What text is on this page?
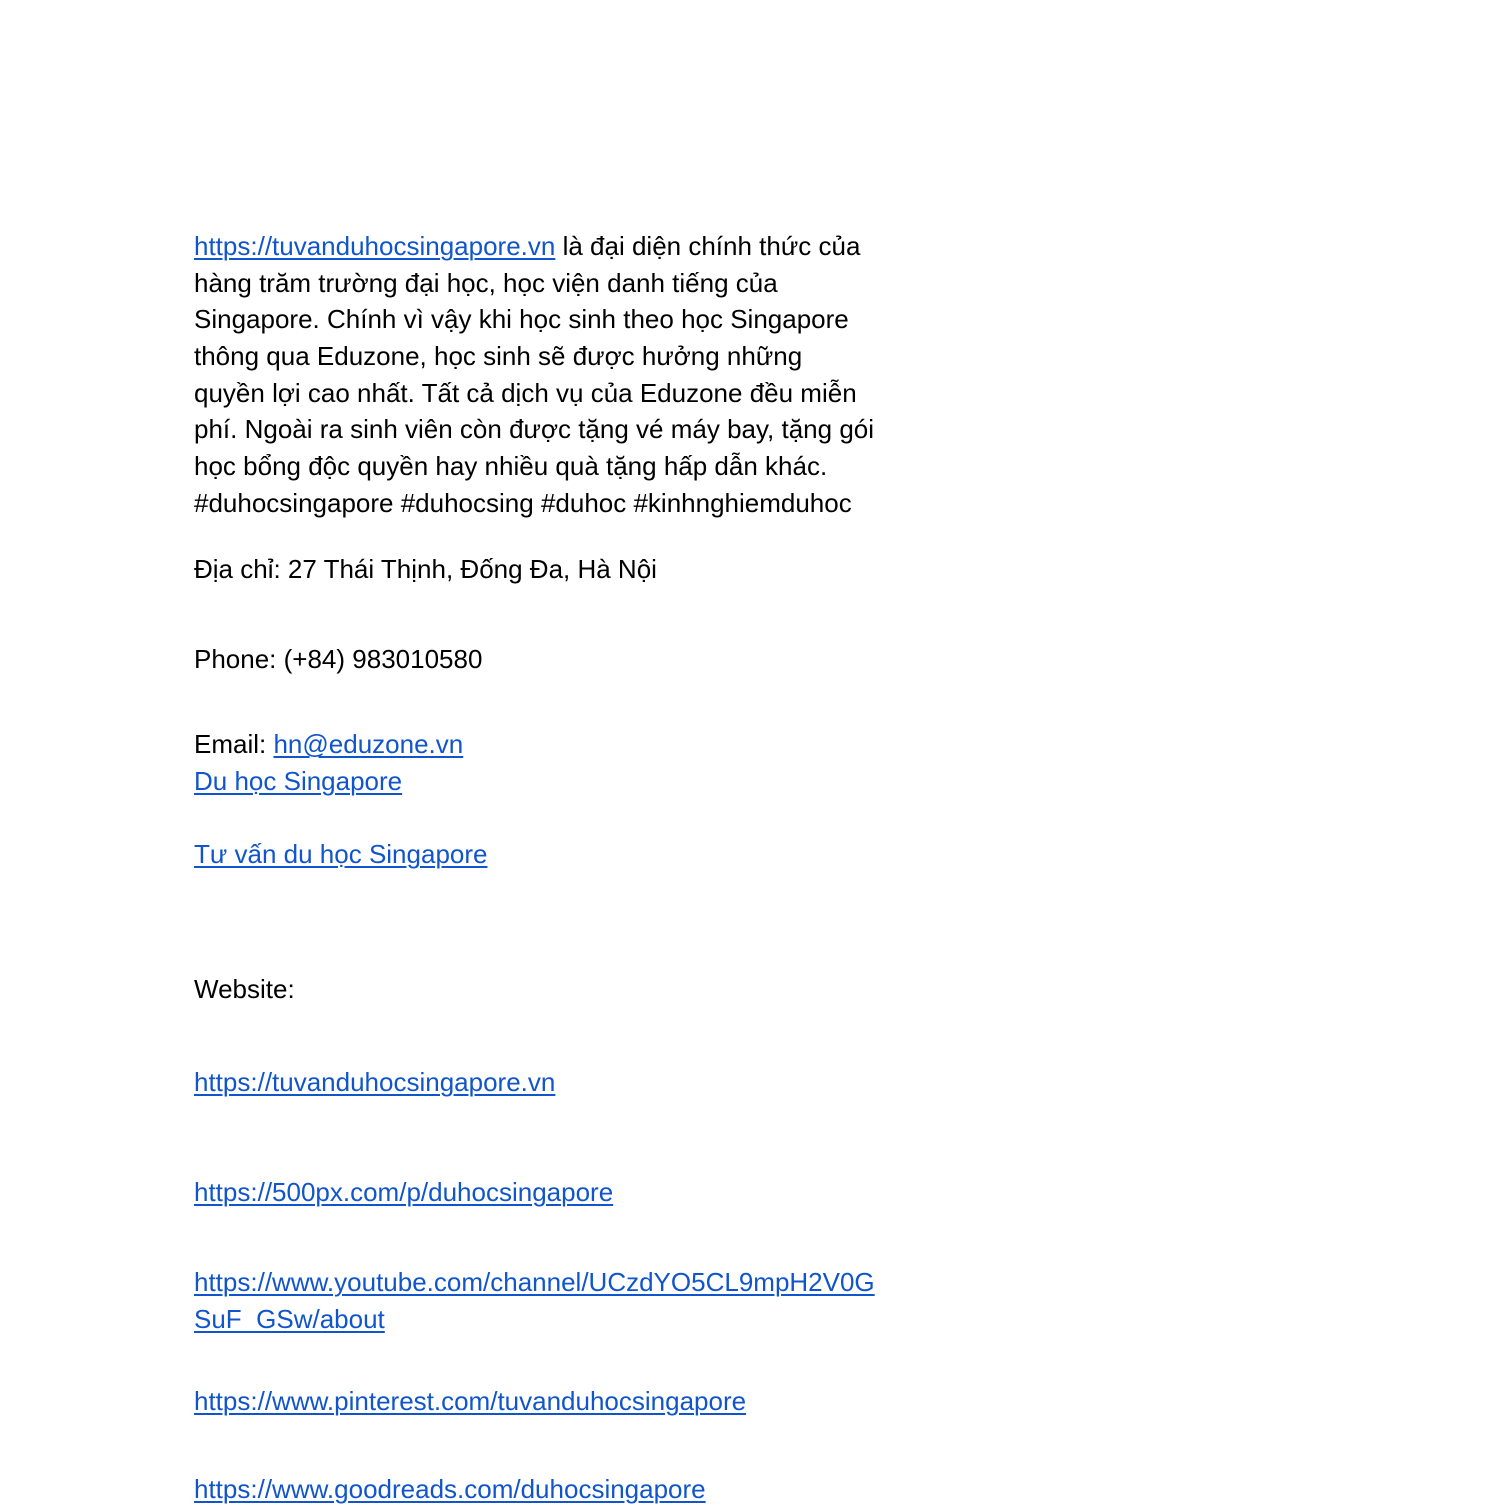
https://tuvanduhocsingapore.vn là đại diện chính thức của
hàng trăm trường đại học, học viện danh tiếng của
Singapore. Chính vì vậy khi học sinh theo học Singapore
thông qua Eduzone, học sinh sẽ được hưởng những
quyền lợi cao nhất. Tất cả dịch vụ của Eduzone đều miễn
phí. Ngoài ra sinh viên còn được tặng vé máy bay, tặng gói
học bổng độc quyền hay nhiều quà tặng hấp dẫn khác.
#duhocsingapore #duhocsing #duhoc #kinhnghiemduhoc
Địa chỉ: 27 Thái Thịnh, Đống Đa, Hà Nội
Phone: (+84) 983010580
Email: hn@eduzone.vn
Du học Singapore
Tư vấn du học Singapore
Website:
https://tuvanduhocsingapore.vn
https://500px.com/p/duhocsingapore
https://www.youtube.com/channel/UCzdYO5CL9mpH2V0G
SuF_GSw/about
https://www.pinterest.com/tuvanduhocsingapore
https://www.goodreads.com/duhocsingapore
